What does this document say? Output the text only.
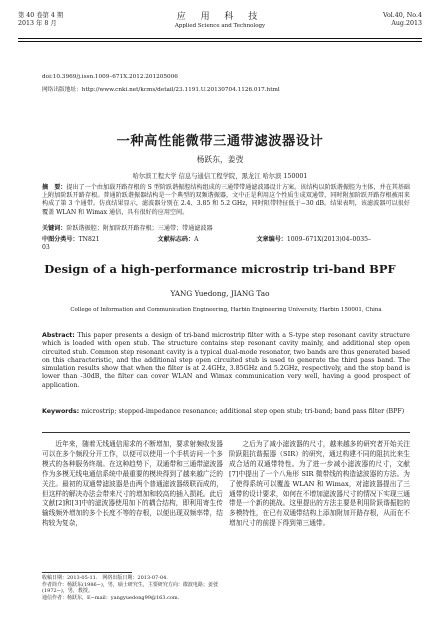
第 40 卷第 4 期
2013 年 8 月
应 用 科 技
Applied Science and Technology
Vol.40, No.4
Aug.2013
doi:10.3969/j.issn.1009–671X.2012.201205006
网络出版地址：http://www.cnki.net/kcms/detail/23.1191.U.20130704.1126.017.html
一种高性能微带三通带滤波器设计
杨跃东，姜弢
哈尔滨工程大学 信息与通信工程学院，黑龙江 哈尔滨 150001
摘　要：提出了一个由加载开路存根的 S 型阶跃谐振腔结构组成的三通带带通滤波器设计方案。该结构以阶跃谐振腔为主体，并在其基础上附加阶跃开路存根。普通阶跃谐振器结构是一个典型的双频谐振器，文中正是利用这个性质生成双通带，同时附加阶跃开路存根被用来构成了第 3 个通带。仿真结果显示，滤波器分别在 2.4、3.85 和 5.2 GHz，同时阻带特征低于−30 dB。结果表明，该滤波器可以很好覆盖 WLAN 和 Wimax 通信，具有很好的应用空间。
关键词：阶跃谐振腔；附加阶跃开路存根；三通带；带通滤波器
中图分类号：TN821	文献标志码：A	文章编号：1009–671X(2013)04–0035–03
Design of a high-performance microstrip tri-band BPF
YANG Yuedong, JIANG Tao
College of Information and Communication Engineering, Harbin Engineering University, Harbin 150001, China
Abstract: This paper presents a design of tri-band microstrip filter with a S-type step resonant cavity structure which is loaded with open stub. The structure contains step resonant cavity mainly, and additional step open circuited stub. Common step resonant cavity is a typical dual-mode resonator, two bands are thus generated based on this characteristic, and the additional step open circuited stub is used to generate the third pass band. The simulation results show that when the filter is at 2.4GHz, 3.85GHz and 5.2GHz, respectively, and the stop band is lower than -30dB, the filter can cover WLAN and Wimax communication very well, having a good prospect of application.
Keywords: microstrip; stepped-impedance resonance; additional step open stub; tri-band; band pass filter (BPF)

近年来，随着无线通信需求的不断增加，要求射频收发器可以在多个频段分开工作，以便可以使用一个手机访问一个多模式的各种服务终端。在这种趋势下，双通带和三通带滤波器作为多模无线电通信系统中最重要的模块得到了越来越广泛的关注。最初的双通带滤波器是由两个普通滤波器级联而成的，但这样的解决办法会带来尺寸的增加和较高的插入损耗。此后文献[2]和[3]中的滤波器使用加下的耦合结构，即利用寄生传输线频外增加的多个长度不等的存根，以便出现双频率带，结构较为复杂，

之后为了减小滤波器的尺寸，越来越多的研究者开始关注阶跃阻抗谐振器（SIR）的研究，通过构建不同的阻抗比来生成合适的双通带特性。为了进一步减小滤波器的尺寸，文献[7]中提出了一个八角形 SIR 微带线的构造滤波器的方法。为了使得系统可以覆盖 WLAN 和 Wimax，对滤波器提出了三通带的设计要求，如何在不增加滤波器尺寸的情况下实现三通带是一个新的挑战。这里提出的方法主要是利用阶跃谐振腔的多模特性，在已有双通带结构上添加附加开路存根，从而在不增加尺寸的前提下得到第三通带。

收稿日期：2013-05-11.　网络出版日期：2013-07-04.
作者简介：杨跃东(1986−)，男，硕士研究生，主要研究方向：微波电路；姜弢(1972−)，男，教授。
通信作者：杨跃东，E−mail：yangyuedong99@163.com.
